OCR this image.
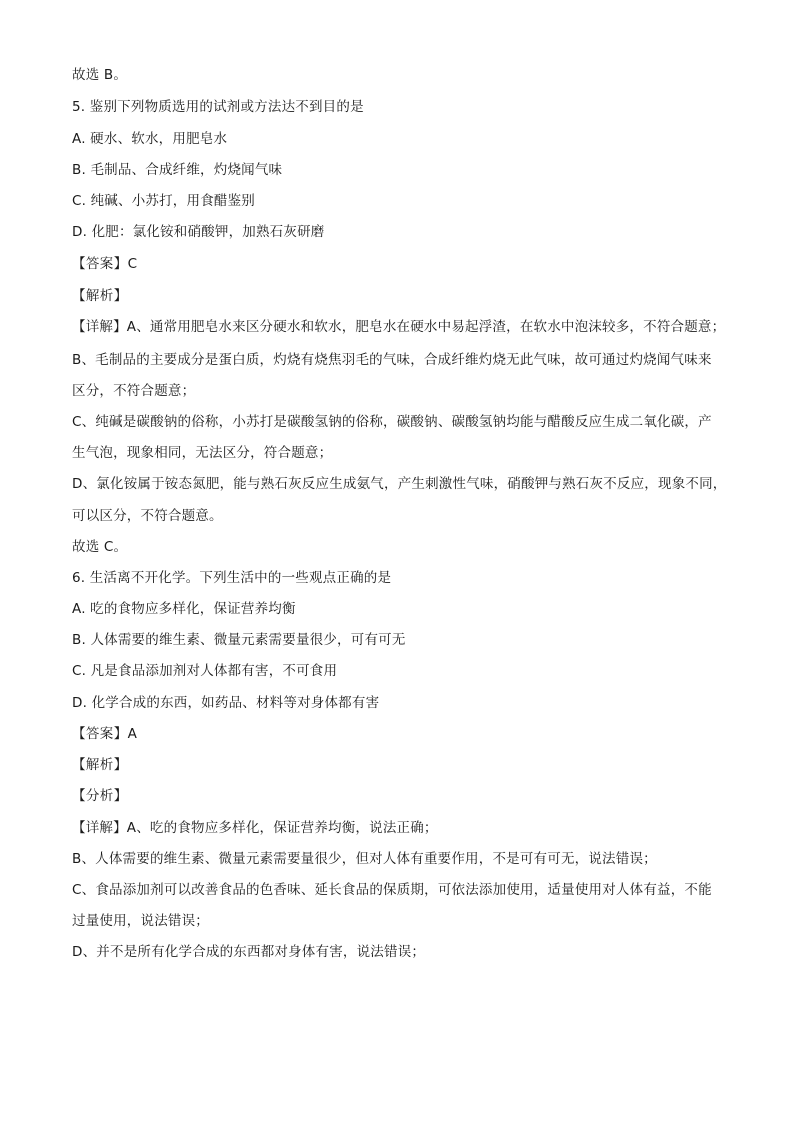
故选 B。
5. 鉴别下列物质选用的试剂或方法达不到目的是
A. 硬水、软水，用肥皂水
B. 毛制品、合成纤维，灼烧闻气味
C. 纯碱、小苏打，用食醋鉴别
D. 化肥：氯化铵和硝酸钾，加熟石灰研磨
【答案】C
【解析】
【详解】A、通常用肥皂水来区分硬水和软水，肥皂水在硬水中易起浮渣，在软水中泡沫较多，不符合题意；
B、毛制品的主要成分是蛋白质，灼烧有烧焦羽毛的气味，合成纤维灼烧无此气味，故可通过灼烧闻气味来
区分，不符合题意；
C、纯碱是碳酸钠的俗称，小苏打是碳酸氢钠的俗称，碳酸钠、碳酸氢钠均能与醋酸反应生成二氧化碳，产
生气泡，现象相同，无法区分，符合题意；
D、氯化铵属于铵态氮肥，能与熟石灰反应生成氨气，产生刺激性气味，硝酸钾与熟石灰不反应，现象不同，
可以区分，不符合题意。
故选 C。
6. 生活离不开化学。下列生活中的一些观点正确的是
A. 吃的食物应多样化，保证营养均衡
B. 人体需要的维生素、微量元素需要量很少，可有可无
C. 凡是食品添加剂对人体都有害，不可食用
D. 化学合成的东西，如药品、材料等对身体都有害
【答案】A
【解析】
【分析】
【详解】A、吃的食物应多样化，保证营养均衡，说法正确；
B、人体需要的维生素、微量元素需要量很少，但对人体有重要作用，不是可有可无，说法错误；
C、食品添加剂可以改善食品的色香味、延长食品的保质期，可依法添加使用，适量使用对人体有益，不能
过量使用，说法错误；
D、并不是所有化学合成的东西都对身体有害，说法错误；
